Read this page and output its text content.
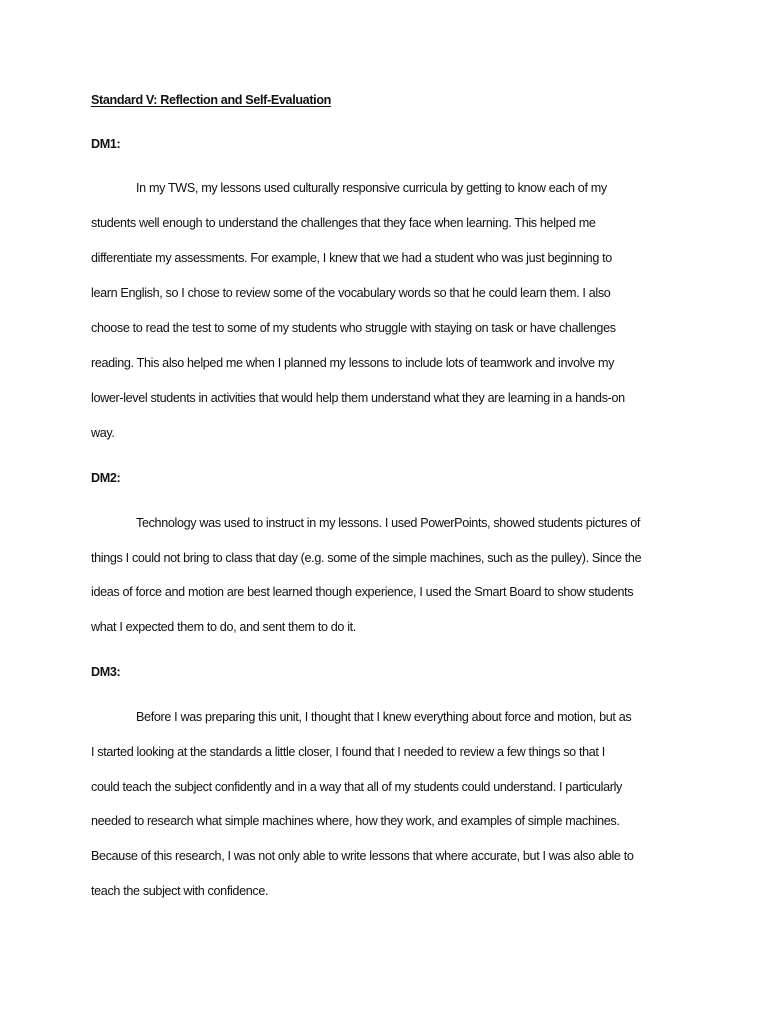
Standard V: Reflection and Self-Evaluation
DM1:
In my TWS, my lessons used culturally responsive curricula by getting to know each of my
students well enough to understand the challenges that they face when learning. This helped me
differentiate my assessments. For example, I knew that we had a student who was just beginning to
learn English, so I chose to review some of the vocabulary words so that he could learn them. I also
choose to read the test to some of my students who struggle with staying on task or have challenges
reading. This also helped me when I planned my lessons to include lots of teamwork and involve my
lower-level students in activities that would help them understand what they are learning in a hands-on
way.
DM2:
Technology was used to instruct in my lessons. I used PowerPoints, showed students pictures of
things I could not bring to class that day (e.g. some of the simple machines, such as the pulley). Since the
ideas of force and motion are best learned though experience, I used the Smart Board to show students
what I expected them to do, and sent them to do it.
DM3:
Before I was preparing this unit, I thought that I knew everything about force and motion, but as
I started looking at the standards a little closer, I found that I needed to review a few things so that I
could teach the subject confidently and in a way that all of my students could understand. I particularly
needed to research what simple machines where, how they work, and examples of simple machines.
Because of this research, I was not only able to write lessons that where accurate, but I was also able to
teach the subject with confidence.
